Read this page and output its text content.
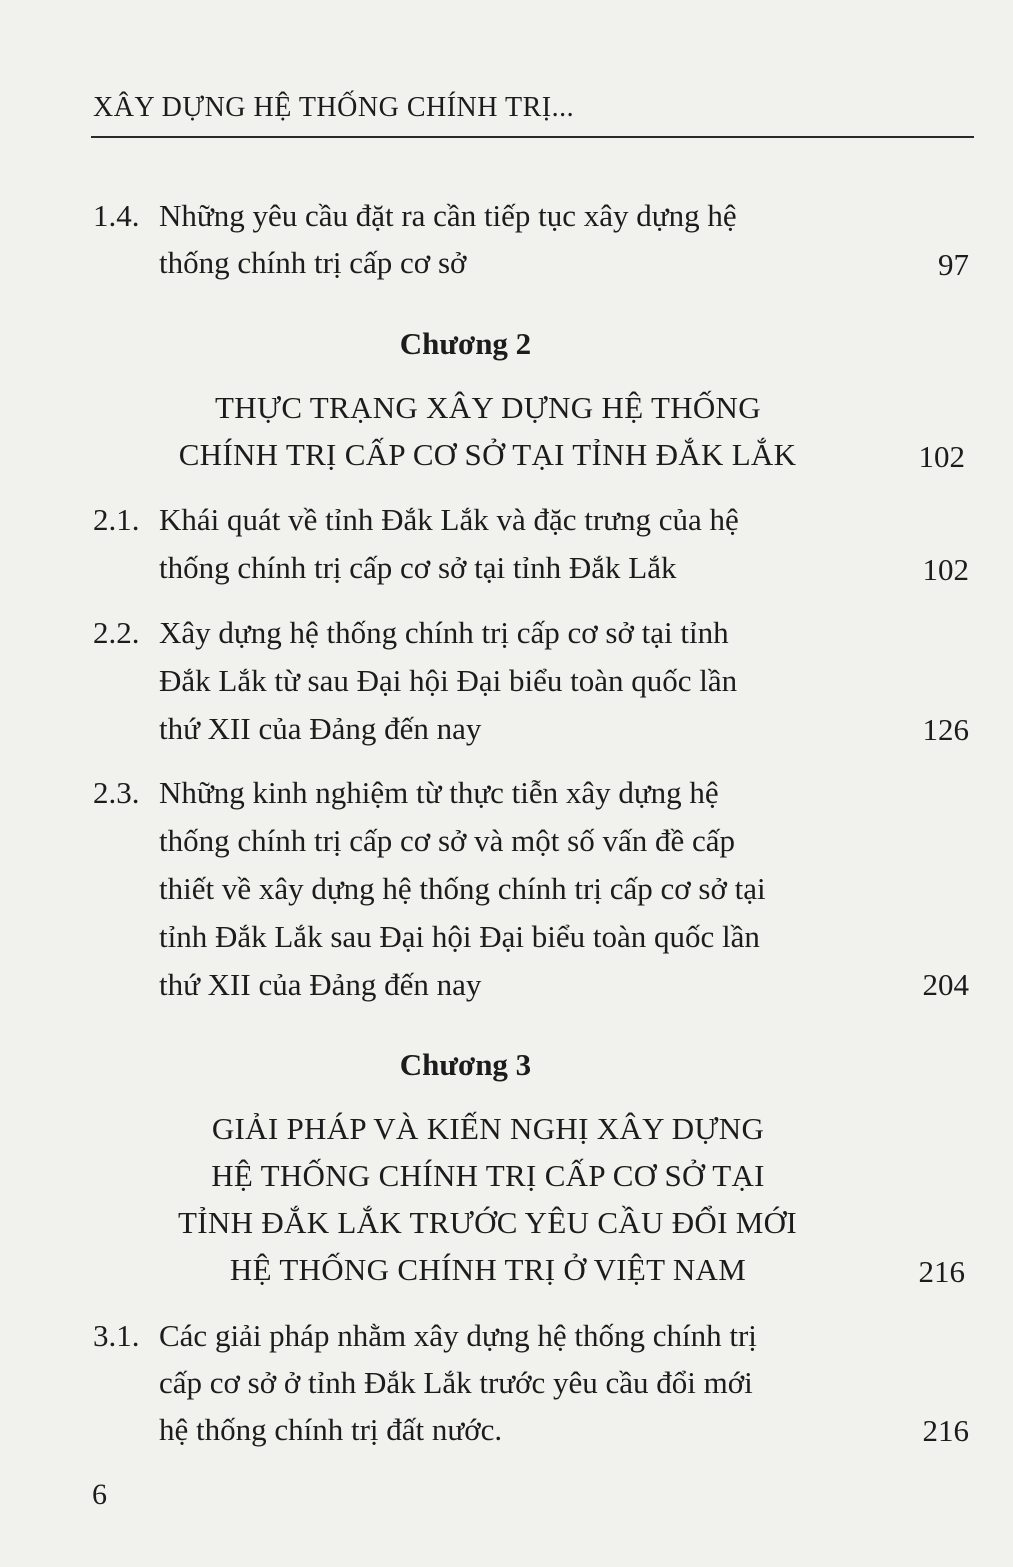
XÂY DỰNG HỆ THỐNG CHÍNH TRỊ...
1.4. Những yêu cầu đặt ra cần tiếp tục xây dựng hệ
thống chính trị cấp cơ sở	97
Chương 2
THỰC TRẠNG XÂY DỰNG HỆ THỐNG
CHÍNH TRỊ CẤP CƠ SỞ TẠI TỈNH ĐẮK LẮK	102
2.1. Khái quát về tỉnh Đắk Lắk và đặc trưng của hệ
thống chính trị cấp cơ sở tại tỉnh Đắk Lắk	102
2.2. Xây dựng hệ thống chính trị cấp cơ sở tại tỉnh
Đắk Lắk từ sau Đại hội Đại biểu toàn quốc lần
thứ XII của Đảng đến nay	126
2.3. Những kinh nghiệm từ thực tiễn xây dựng hệ
thống chính trị cấp cơ sở và một số vấn đề cấp
thiết về xây dựng hệ thống chính trị cấp cơ sở tại
tỉnh Đắk Lắk sau Đại hội Đại biểu toàn quốc lần
thứ XII của Đảng đến nay	204
Chương 3
GIẢI PHÁP VÀ KIẾN NGHỊ XÂY DỰNG
HỆ THỐNG CHÍNH TRỊ CẤP CƠ SỞ TẠI
TỈNH ĐẮK LẮK TRƯỚC YÊU CẦU ĐỔI MỚI
HỆ THỐNG CHÍNH TRỊ Ở VIỆT NAM	216
3.1. Các giải pháp nhằm xây dựng hệ thống chính trị
cấp cơ sở ở tỉnh Đắk Lắk trước yêu cầu đổi mới
hệ thống chính trị đất nước.	216
6
